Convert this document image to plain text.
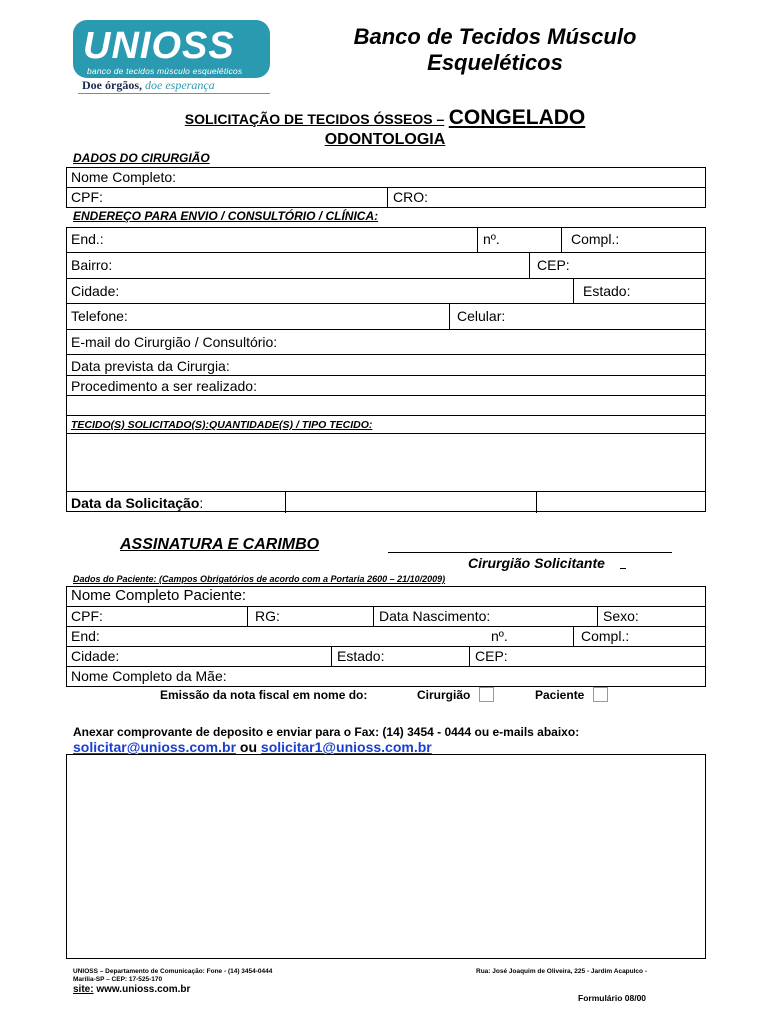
UNIOSS
banco de tecidos músculo esqueléticos
Doe órgãos, doe esperança
Banco de Tecidos Músculo
Esqueléticos
SOLICITAÇÃO DE TECIDOS ÓSSEOS – CONGELADO
ODONTOLOGIA
DADOS DO CIRURGIÃO
Nome Completo:
CPF:	CRO:
ENDEREÇO PARA ENVIO / CONSULTÓRIO / CLÍNICA:
End.:	nº.	Compl.:
Bairro:	CEP:
Cidade:	Estado:
Telefone:	Celular:
E-mail do Cirurgião / Consultório:
Data prevista da Cirurgia:
Procedimento a ser realizado:
TECIDO(S) SOLICITADO(S):QUANTIDADE(S) / TIPO TECIDO:
Data da Solicitação:
ASSINATURA E CARIMBO
Cirurgião Solicitante
Dados do Paciente: (Campos Obrigatórios de acordo com a Portaria 2600 – 21/10/2009)
Nome Completo Paciente:
CPF:	RG:	Data Nascimento:	Sexo:
End:	nº.	Compl.:
Cidade:	Estado:	CEP:
Nome Completo da Mãe:
Emissão da nota fiscal em nome do:	Cirurgião	Paciente
Anexar comprovante de deposito e enviar para o Fax: (14) 3454 - 0444 ou e-mails abaixo:
solicitar@unioss.com.br ou solicitar1@unioss.com.br
UNIOSS – Departamento de Comunicação: Fone - (14) 3454-0444
Marília-SP – CEP: 17-525-170
Rua: José Joaquim de Oliveira, 225 - Jardim Acapulco -
site: www.unioss.com.br
Formulário 08/00
